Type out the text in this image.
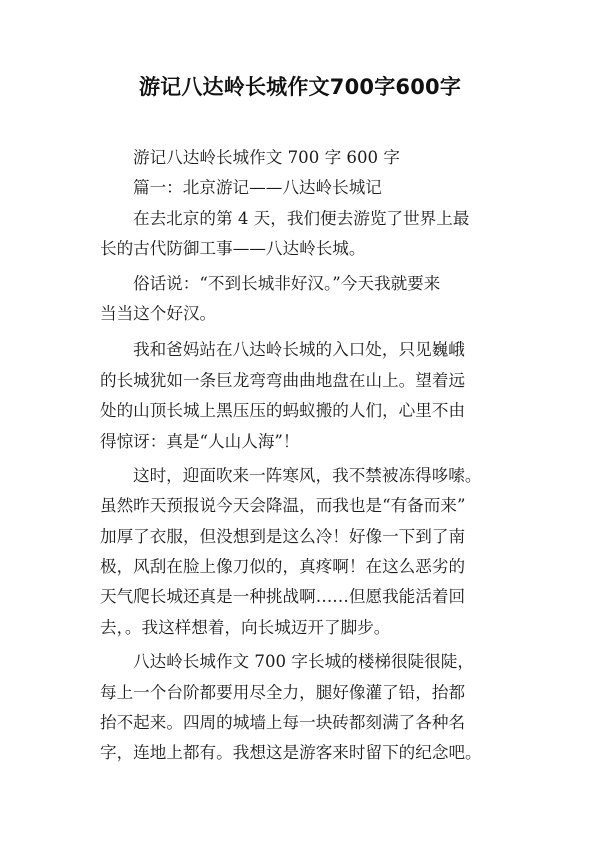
游记八达岭长城作文700字600字
游记八达岭长城作文 700 字 600 字
篇一：北京游记——八达岭长城记
在去北京的第 4 天，我们便去游览了世界上最
长的古代防御工事——八达岭长城。
俗话说：“不到长城非好汉。”今天我就要来
当当这个好汉。
我和爸妈站在八达岭长城的入口处，只见巍峨
的长城犹如一条巨龙弯弯曲曲地盘在山上。望着远
处的山顶长城上黑压压的蚂蚁搬的人们，心里不由
得惊讶：真是“人山人海”！
这时，迎面吹来一阵寒风，我不禁被冻得哆嗦。
虽然昨天预报说今天会降温，而我也是“有备而来”
加厚了衣服，但没想到是这么冷！好像一下到了南
极，风刮在脸上像刀似的，真疼啊！在这么恶劣的
天气爬长城还真是一种挑战啊……但愿我能活着回
去，。我这样想着，向长城迈开了脚步。
八达岭长城作文 700 字长城的楼梯很陡很陡，
每上一个台阶都要用尽全力，腿好像灌了铅，抬都
抬不起来。四周的城墙上每一块砖都刻满了各种名
字，连地上都有。我想这是游客来时留下的纪念吧。
